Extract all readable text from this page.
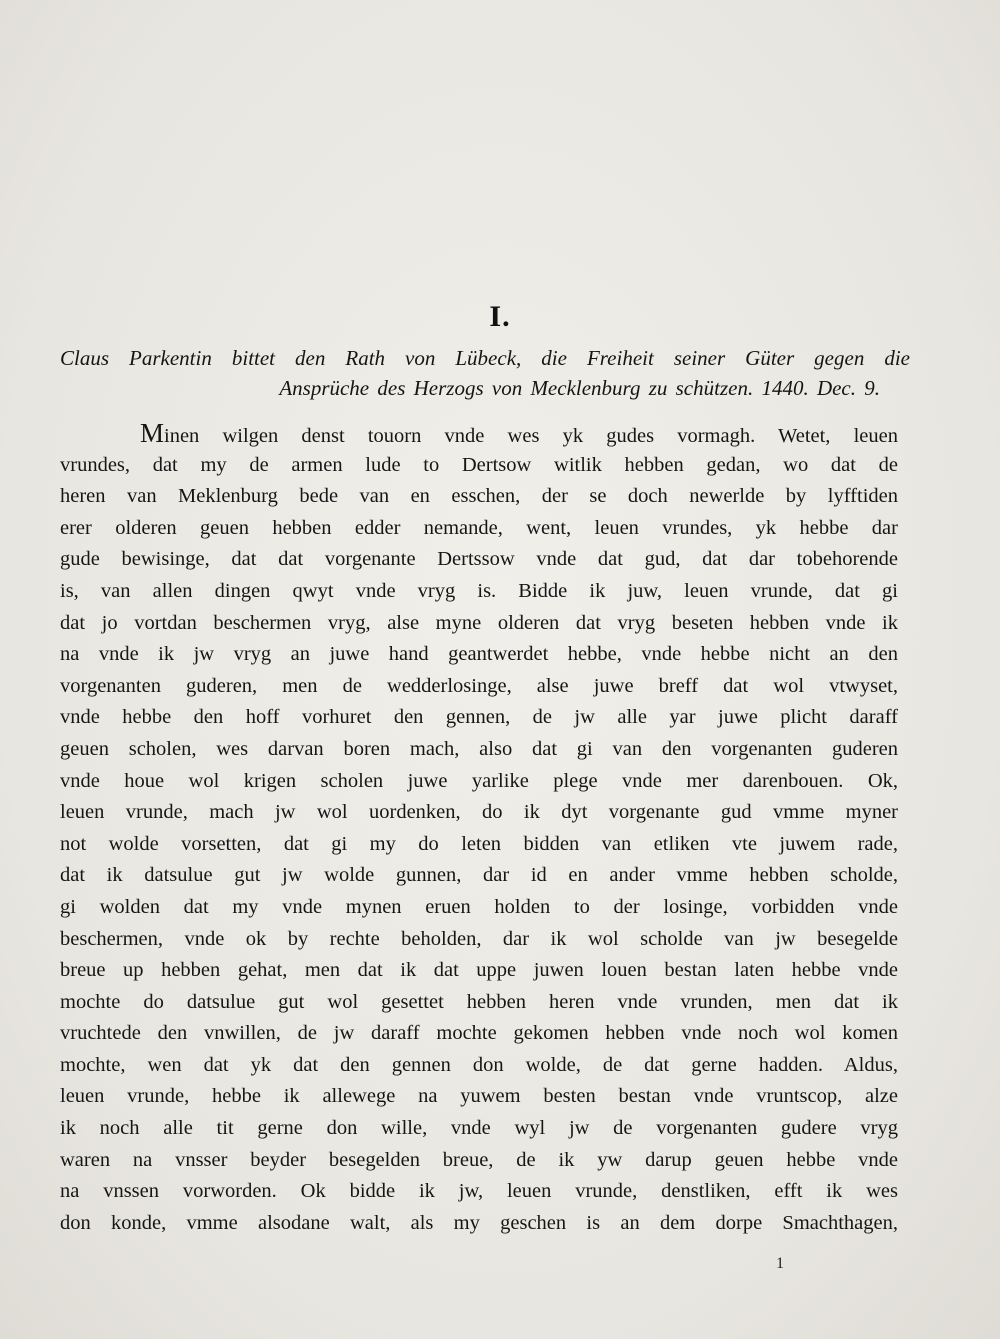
I.
Claus Parkentin bittet den Rath von Lübeck, die Freiheit seiner Güter gegen die
Ansprüche des Herzogs von Mecklenburg zu schützen. 1440. Dec. 9.
Minen wilgen denst touorn vnde wes yk gudes vormagh. Wetet, leuen
vrundes, dat my de armen lude to Dertsow witlik hebben gedan, wo dat de
heren van Meklenburg bede van en esschen, der se doch newerlde by lyfftiden
erer olderen geuen hebben edder nemande, went, leuen vrundes, yk hebbe dar
gude bewisinge, dat dat vorgenante Dertssow vnde dat gud, dat dar tobehorende
is, van allen dingen qwyt vnde vryg is. Bidde ik juw, leuen vrunde, dat gi
dat jo vortdan beschermen vryg, alse myne olderen dat vryg beseten hebben vnde ik
na vnde ik jw vryg an juwe hand geantwerdet hebbe, vnde hebbe nicht an den
vorgenanten guderen, men de wedderlosinge, alse juwe breff dat wol vtwyset,
vnde hebbe den hoff vorhuret den gennen, de jw alle yar juwe plicht daraff
geuen scholen, wes darvan boren mach, also dat gi van den vorgenanten guderen
vnde houe wol krigen scholen juwe yarlike plege vnde mer darenbouen. Ok,
leuen vrunde, mach jw wol uordenken, do ik dyt vorgenante gud vmme myner
not wolde vorsetten, dat gi my do leten bidden van etliken vte juwem rade,
dat ik datsulue gut jw wolde gunnen, dar id en ander vmme hebben scholde,
gi wolden dat my vnde mynen eruen holden to der losinge, vorbidden vnde
beschermen, vnde ok by rechte beholden, dar ik wol scholde van jw besegelde
breue up hebben gehat, men dat ik dat uppe juwen louen bestan laten hebbe vnde
mochte do datsulue gut wol gesettet hebben heren vnde vrunden, men dat ik
vruchtede den vnwillen, de jw daraff mochte gekomen hebben vnde noch wol komen
mochte, wen dat yk dat den gennen don wolde, de dat gerne hadden. Aldus,
leuen vrunde, hebbe ik allewege na yuwem besten bestan vnde vruntscop, alze
ik noch alle tit gerne don wille, vnde wyl jw de vorgenanten gudere vryg
waren na vnsser beyder besegelden breue, de ik yw darup geuen hebbe vnde
na vnssen vorworden. Ok bidde ik jw, leuen vrunde, denstliken, efft ik wes
don konde, vmme alsodane walt, als my geschen is an dem dorpe Smachthagen,
1
